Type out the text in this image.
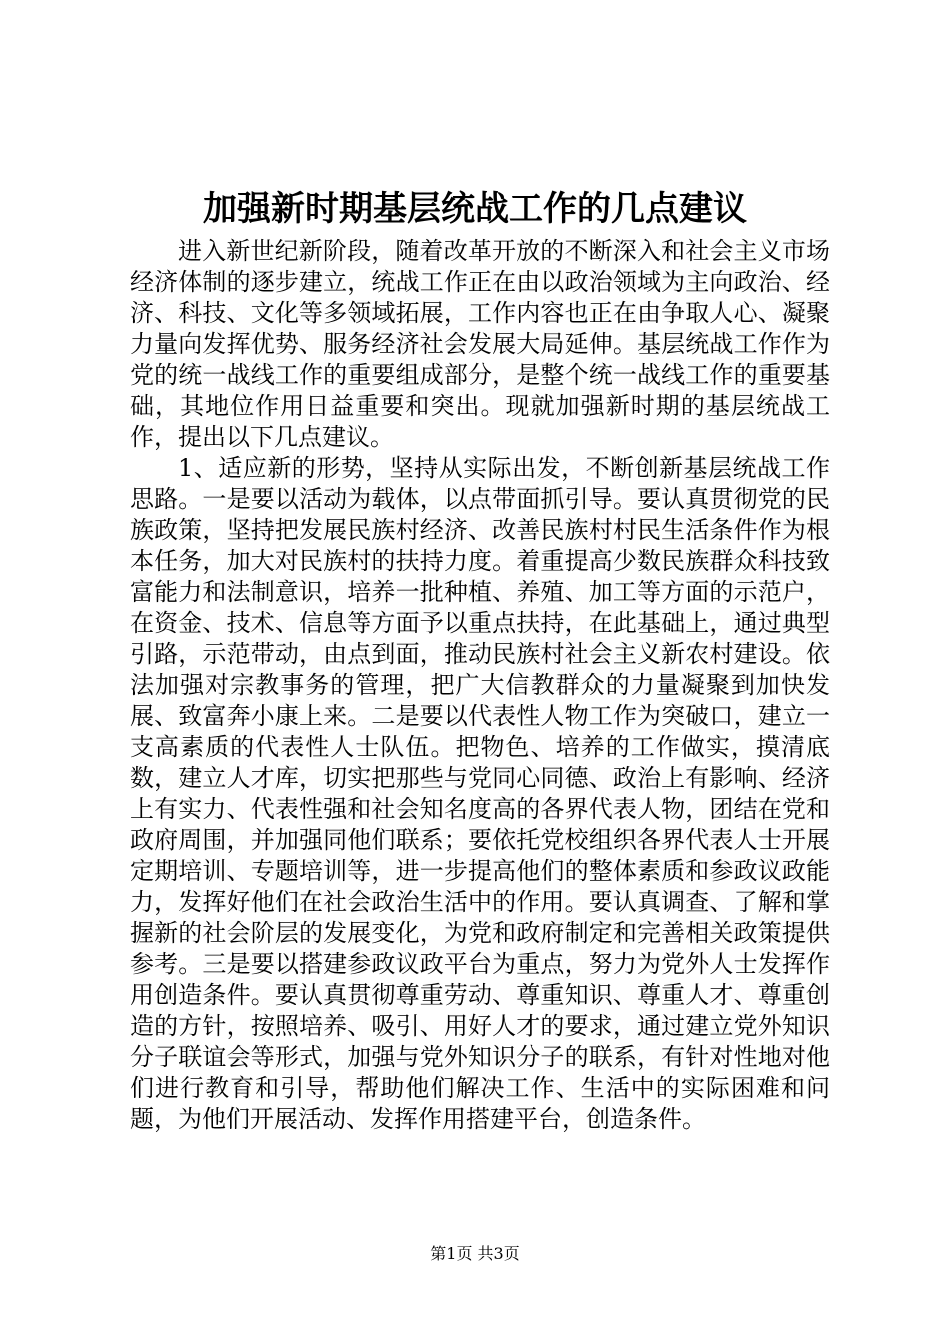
加强新时期基层统战工作的几点建议

进入新世纪新阶段，随着改革开放的不断深入和社会主义市场经济体制的逐步建立，统战工作正在由以政治领域为主向政治、经济、科技、文化等多领域拓展，工作内容也正在由争取人心、凝聚力量向发挥优势、服务经济社会发展大局延伸。基层统战工作作为党的统一战线工作的重要组成部分，是整个统一战线工作的重要基础，其地位作用日益重要和突出。现就加强新时期的基层统战工作，提出以下几点建议。

1、适应新的形势，坚持从实际出发，不断创新基层统战工作思路。一是要以活动为载体，以点带面抓引导。要认真贯彻党的民族政策，坚持把发展民族村经济、改善民族村村民生活条件作为根本任务，加大对民族村的扶持力度。着重提高少数民族群众科技致富能力和法制意识，培养一批种植、养殖、加工等方面的示范户，在资金、技术、信息等方面予以重点扶持，在此基础上，通过典型引路，示范带动，由点到面，推动民族村社会主义新农村建设。依法加强对宗教事务的管理，把广大信教群众的力量凝聚到加快发展、致富奔小康上来。二是要以代表性人物工作为突破口，建立一支高素质的代表性人士队伍。把物色、培养的工作做实，摸清底数，建立人才库，切实把那些与党同心同德、政治上有影响、经济上有实力、代表性强和社会知名度高的各界代表人物，团结在党和政府周围，并加强同他们联系；要依托党校组织各界代表人士开展定期培训、专题培训等，进一步提高他们的整体素质和参政议政能力，发挥好他们在社会政治生活中的作用。要认真调查、了解和掌握新的社会阶层的发展变化，为党和政府制定和完善相关政策提供参考。三是要以搭建参政议政平台为重点，努力为党外人士发挥作用创造条件。要认真贯彻尊重劳动、尊重知识、尊重人才、尊重创造的方针，按照培养、吸引、用好人才的要求，通过建立党外知识分子联谊会等形式，加强与党外知识分子的联系，有针对性地对他们进行教育和引导，帮助他们解决工作、生活中的实际困难和问题，为他们开展活动、发挥作用搭建平台，创造条件。

第1页 共3页
